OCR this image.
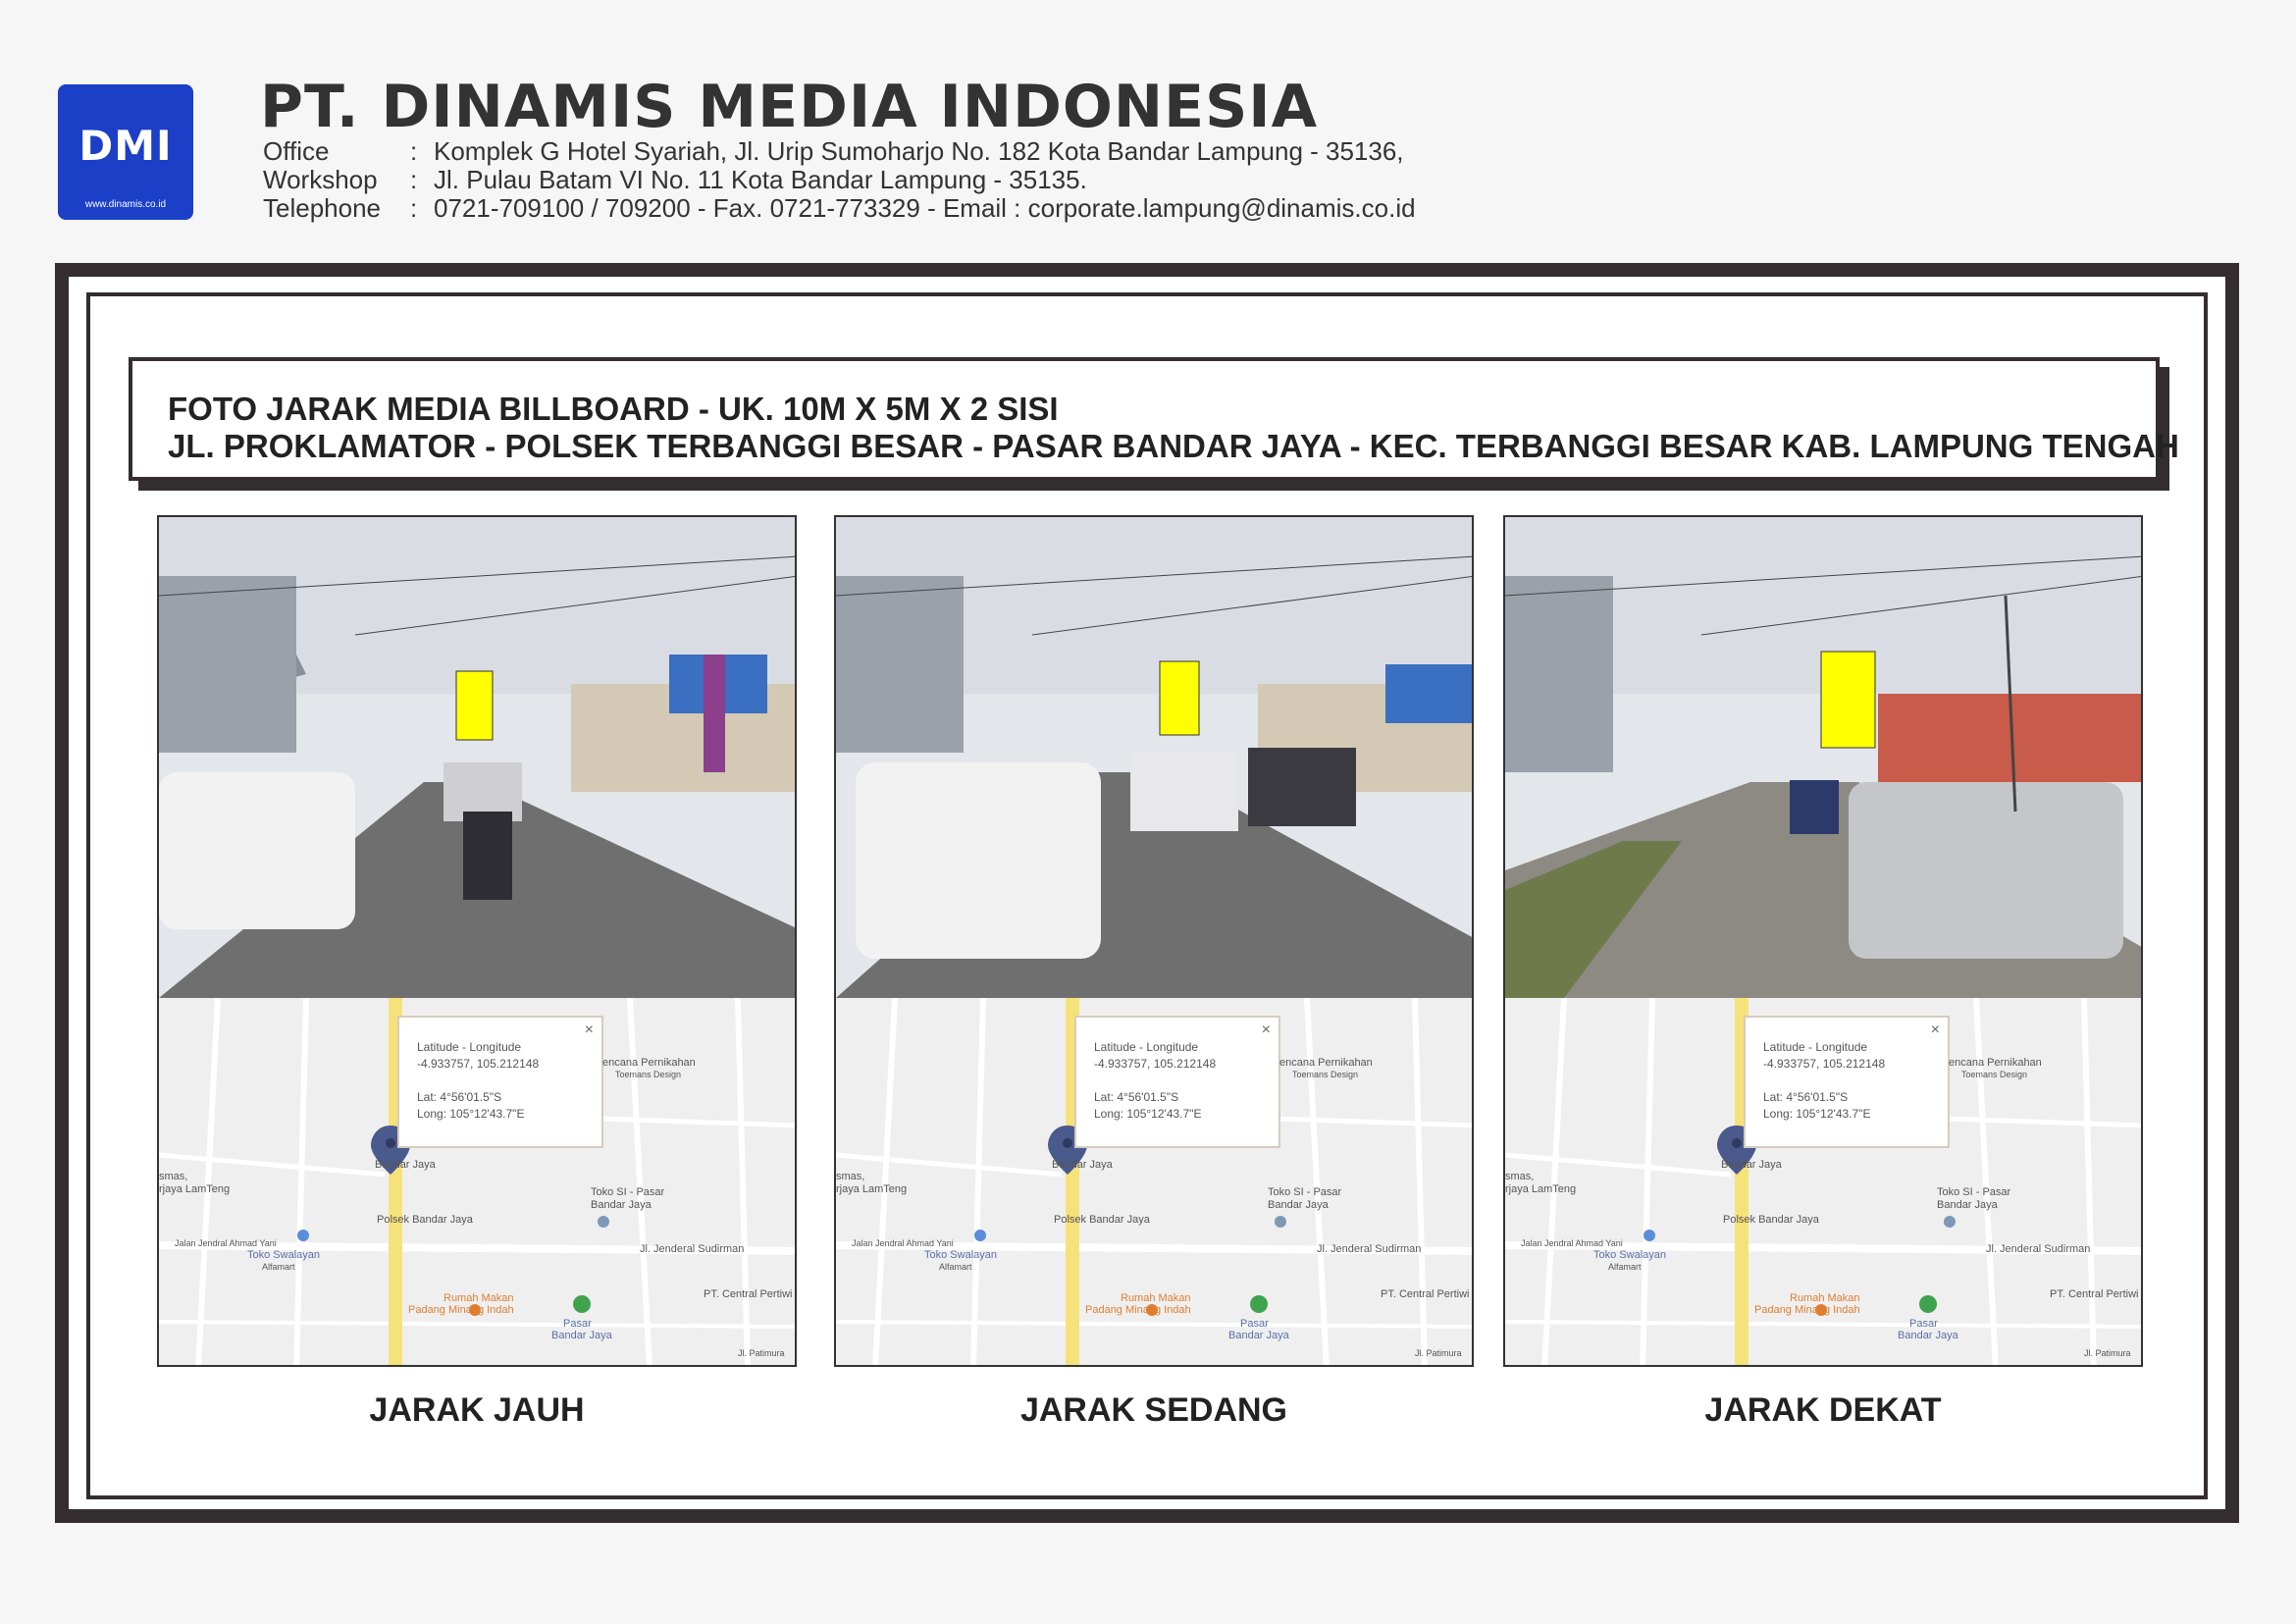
DMI
www.dinamis.co.id
PT. DINAMIS MEDIA INDONESIA
Office	: Komplek G Hotel Syariah, Jl. Urip Sumoharjo No. 182 Kota Bandar Lampung - 35136,
Workshop	: Jl. Pulau Batam VI No. 11 Kota Bandar Lampung - 35135.
Telephone	: 0721-709100 / 709200 - Fax. 0721-773329 - Email : corporate.lampung@dinamis.co.id
FOTO JARAK MEDIA BILLBOARD - UK. 10M X 5M X 2 SISI
JL. PROKLAMATOR - POLSEK TERBANGGI BESAR - PASAR BANDAR JAYA - KEC. TERBANGGI BESAR KAB. LAMPUNG TENGAH
×
Latitude - Longitude
-4.933757, 105.212148
Lat: 4°56'01.5"S
Long: 105°12'43.7"E
encana Pernikahan
Toemans Design
smas,
rjaya LamTeng
Bandar Jaya
Polsek Bandar Jaya
Toko SI - Pasar
Bandar Jaya
Jalan Jendral Ahmad Yani
Toko Swalayan
Alfamart
Jl. Jenderal Sudirman
PT. Central Pertiwi
Rumah Makan
Padang Minang Indah
Pasar
Bandar Jaya
Jl. Patimura
×
Latitude - Longitude
-4.933757, 105.212148
Lat: 4°56'01.5"S
Long: 105°12'43.7"E
encana Pernikahan
Toemans Design
smas,
rjaya LamTeng
Bandar Jaya
Polsek Bandar Jaya
Toko SI - Pasar
Bandar Jaya
Jalan Jendral Ahmad Yani
Toko Swalayan
Alfamart
Jl. Jenderal Sudirman
PT. Central Pertiwi
Rumah Makan
Padang Minang Indah
Pasar
Bandar Jaya
Jl. Patimura
×
Latitude - Longitude
-4.933757, 105.212148
Lat: 4°56'01.5"S
Long: 105°12'43.7"E
encana Pernikahan
Toemans Design
smas,
rjaya LamTeng
Bandar Jaya
Polsek Bandar Jaya
Toko SI - Pasar
Bandar Jaya
Jalan Jendral Ahmad Yani
Toko Swalayan
Alfamart
Jl. Jenderal Sudirman
PT. Central Pertiwi
Rumah Makan
Padang Minang Indah
Pasar
Bandar Jaya
Jl. Patimura
JARAK JAUH	JARAK SEDANG	JARAK DEKAT
